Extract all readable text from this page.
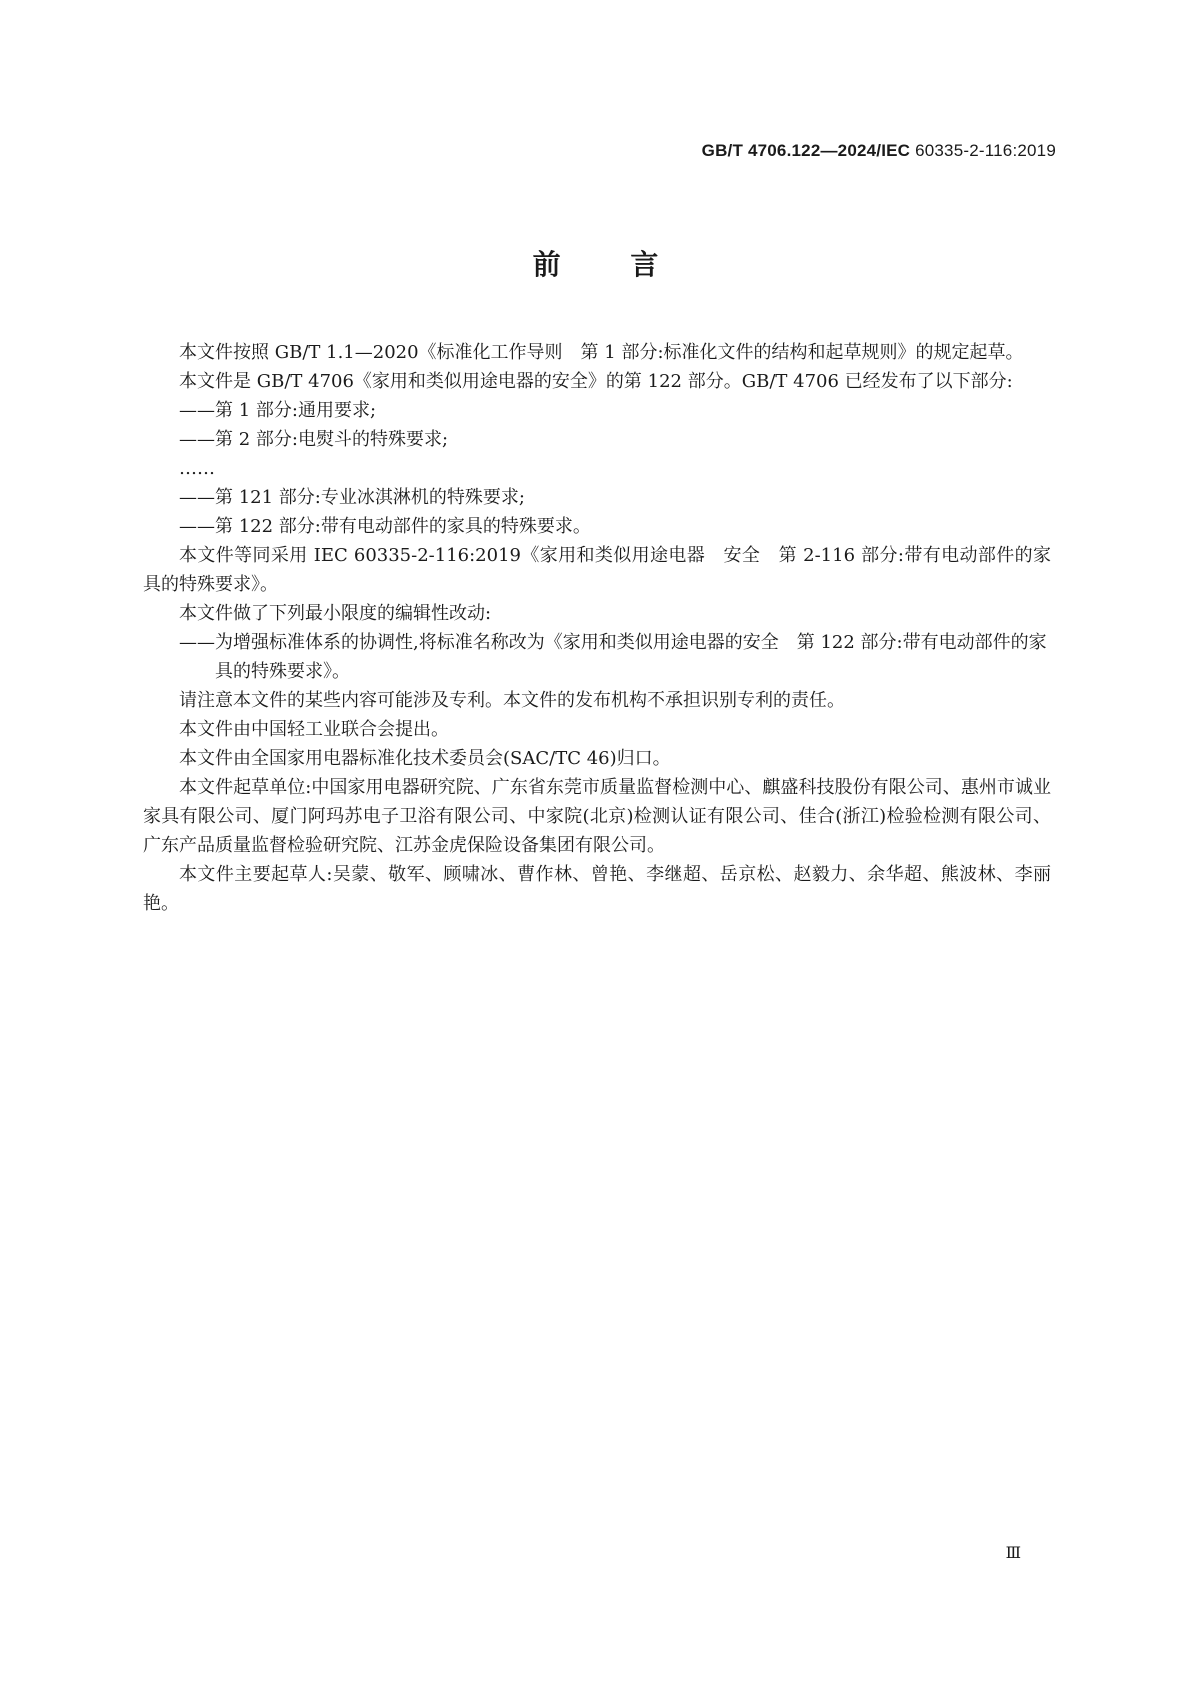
GB/T 4706.122—2024/IEC 60335-2-116:2019
前 言

本文件按照 GB/T 1.1—2020《标准化工作导则　第 1 部分:标准化文件的结构和起草规则》的规定起草。

本文件是 GB/T 4706《家用和类似用途电器的安全》的第 122 部分。GB/T 4706 已经发布了以下部分:

——第 1 部分:通用要求;

——第 2 部分:电熨斗的特殊要求;

……

——第 121 部分:专业冰淇淋机的特殊要求;

——第 122 部分:带有电动部件的家具的特殊要求。

本文件等同采用 IEC 60335-2-116:2019《家用和类似用途电器　安全　第 2-116 部分:带有电动部件的家具的特殊要求》。

本文件做了下列最小限度的编辑性改动:

——为增强标准体系的协调性,将标准名称改为《家用和类似用途电器的安全　第 122 部分:带有电动部件的家具的特殊要求》。

请注意本文件的某些内容可能涉及专利。本文件的发布机构不承担识别专利的责任。

本文件由中国轻工业联合会提出。

本文件由全国家用电器标准化技术委员会(SAC/TC 46)归口。

本文件起草单位:中国家用电器研究院、广东省东莞市质量监督检测中心、麒盛科技股份有限公司、惠州市诚业家具有限公司、厦门阿玛苏电子卫浴有限公司、中家院(北京)检测认证有限公司、佳合(浙江)检验检测有限公司、广东产品质量监督检验研究院、江苏金虎保险设备集团有限公司。

本文件主要起草人:吴蒙、敬军、顾啸冰、曹作林、曾艳、李继超、岳京松、赵毅力、余华超、熊波林、李丽艳。

Ⅲ
